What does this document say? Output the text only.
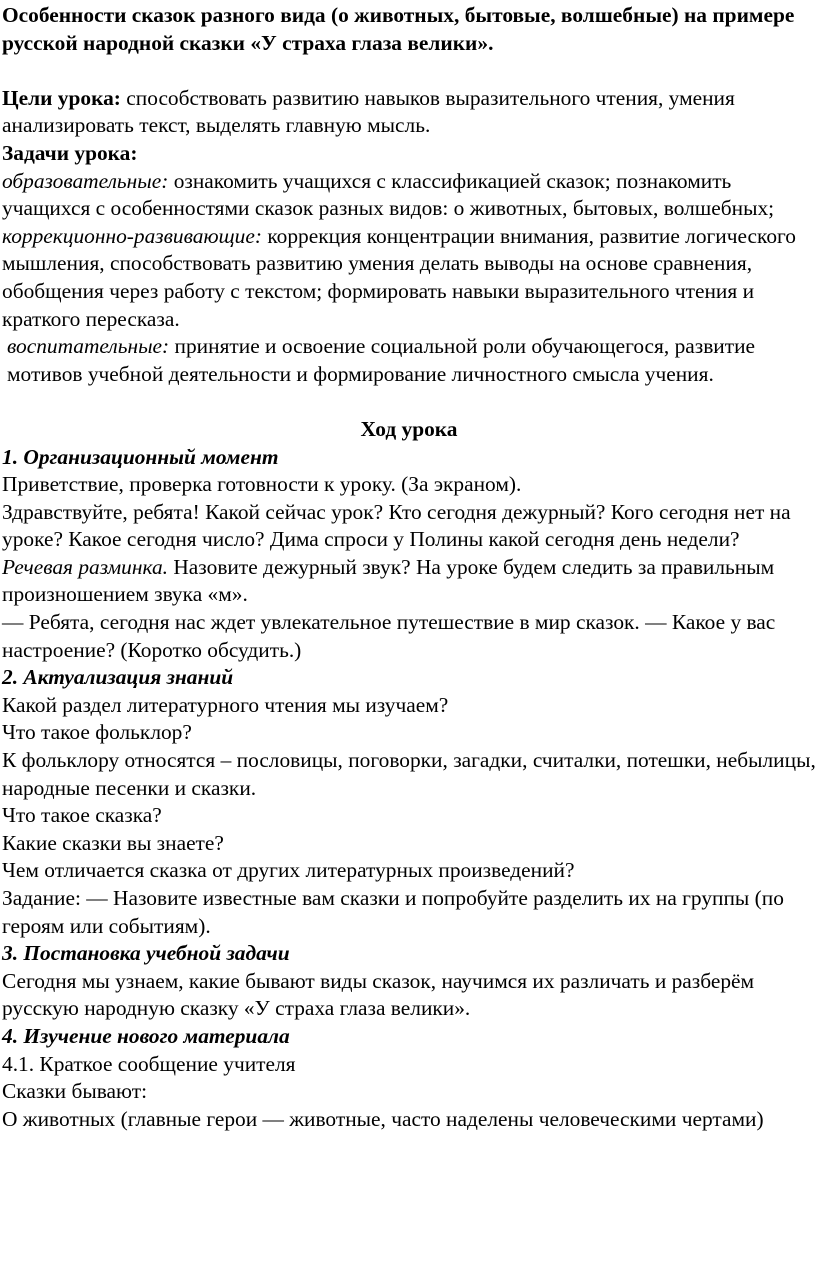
Особенности сказок разного вида (о животных, бытовые, волшебные) на примере русской народной сказки «У страха глаза велики».

Цели урока: способствовать развитию навыков выразительного чтения, умения анализировать текст, выделять главную мысль.

Задачи урока:

образовательные: ознакомить учащихся с классификацией сказок; познакомить учащихся с особенностями сказок разных видов: о животных, бытовых, волшебных;

коррекционно-развивающие: коррекция концентрации внимания, развитие логического мышления, способствовать развитию умения делать выводы на основе сравнения, обобщения через работу с текстом; формировать навыки выразительного чтения и краткого пересказа.

воспитательные: принятие и освоение социальной роли обучающегося, развитие мотивов учебной деятельности и формирование личностного смысла учения.

Ход урока

1. Организационный момент

Приветствие, проверка готовности к уроку. (За экраном).

Здравствуйте, ребята! Какой сейчас урок? Кто сегодня дежурный? Кого сегодня нет на уроке? Какое сегодня число? Дима спроси у Полины какой сегодня день недели?

Речевая разминка. Назовите дежурный звук? На уроке будем следить за правильным произношением звука «м».

— Ребята, сегодня нас ждет увлекательное путешествие в мир сказок. — Какое у вас настроение? (Коротко обсудить.)

2. Актуализация знаний

Какой раздел литературного чтения мы изучаем?

Что такое фольклор?

К фольклору относятся – пословицы, поговорки, загадки, считалки, потешки, небылицы, народные песенки и сказки.

Что такое сказка?

Какие сказки вы знаете?

Чем отличается сказка от других литературных произведений?

Задание: — Назовите известные вам сказки и попробуйте разделить их на группы (по героям или событиям).

3. Постановка учебной задачи

Сегодня мы узнаем, какие бывают виды сказок, научимся их различать и разберём русскую народную сказку «У страха глаза велики».

4. Изучение нового материала

4.1. Краткое сообщение учителя

Сказки бывают:

О животных (главные герои — животные, часто наделены человеческими чертами)
